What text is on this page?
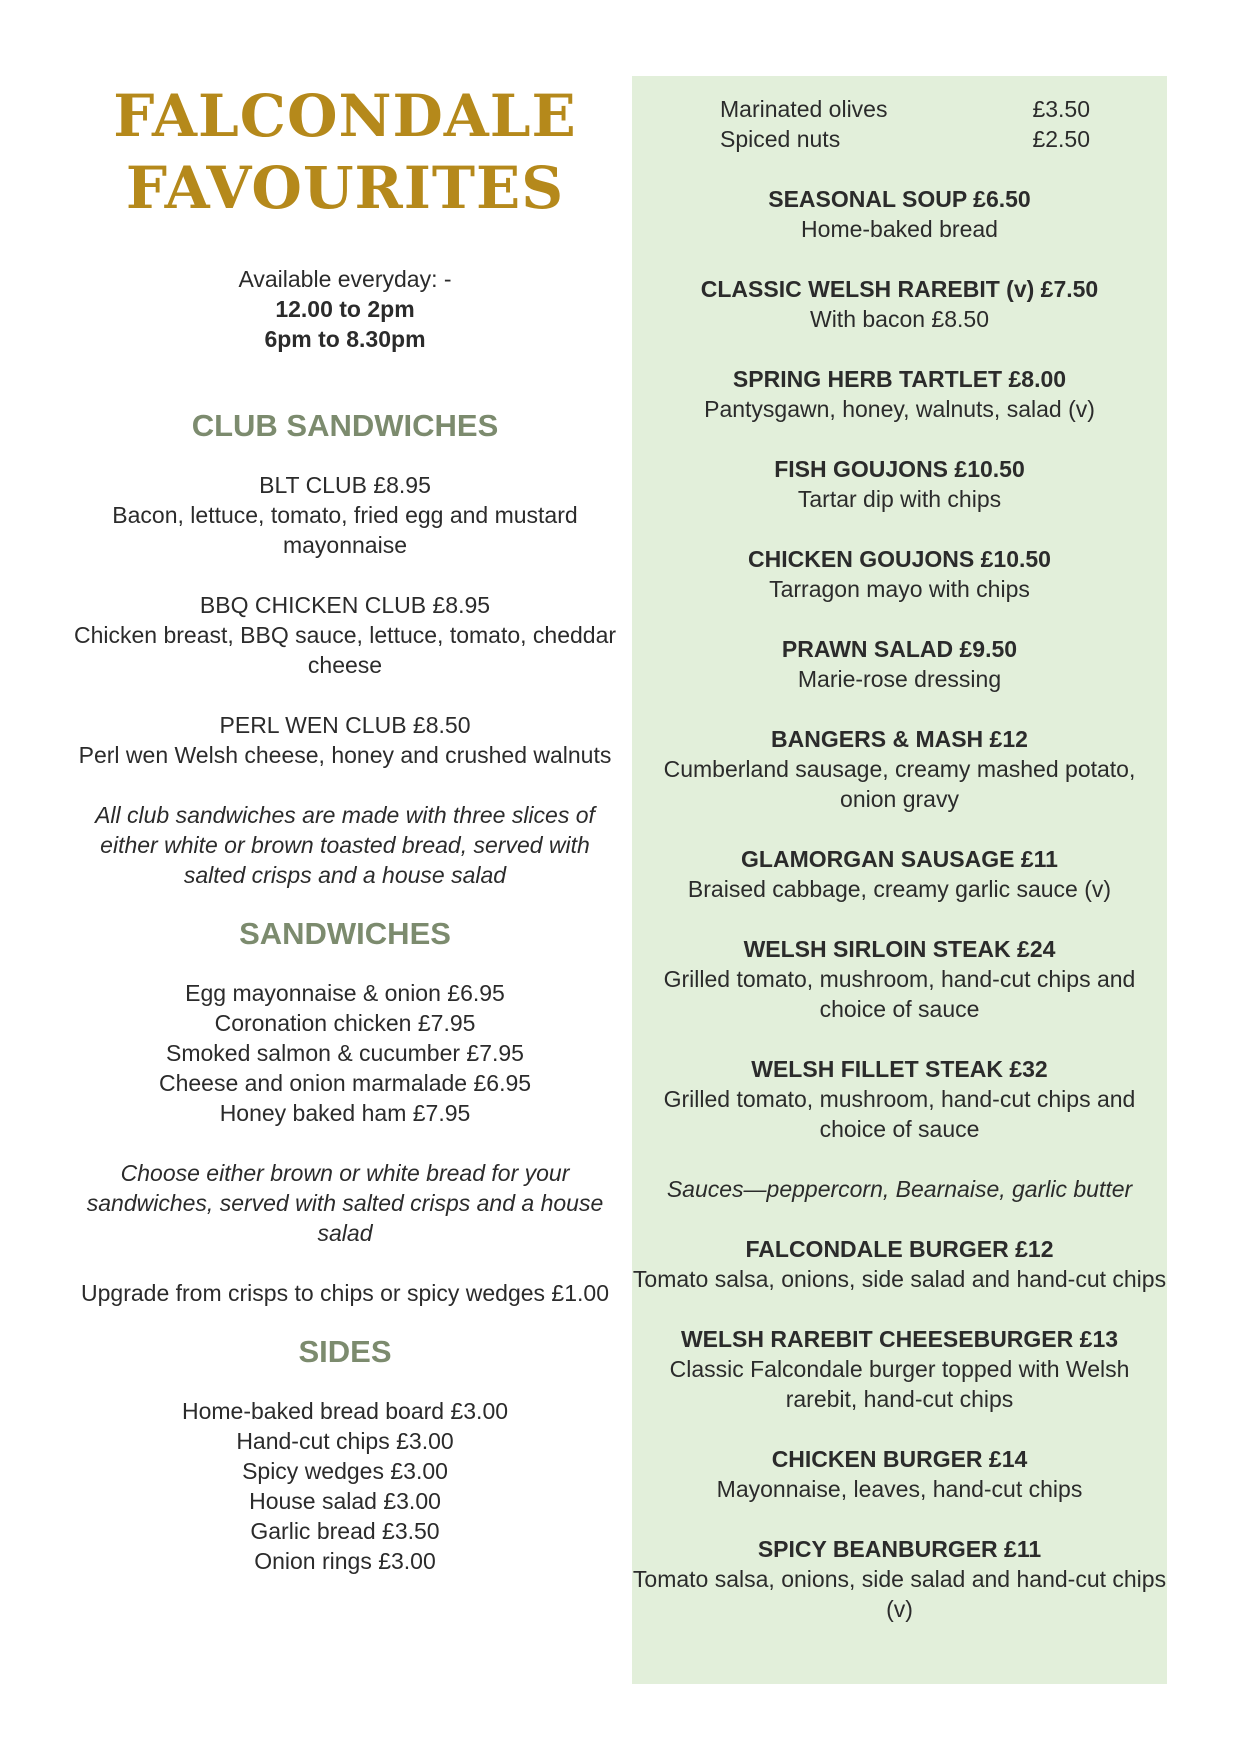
FALCONDALE
FAVOURITES
Available everyday: -
12.00 to 2pm
6pm to 8.30pm
CLUB SANDWICHES
BLT CLUB £8.95
Bacon, lettuce, tomato, fried egg and mustard mayonnaise
BBQ CHICKEN CLUB £8.95
Chicken breast, BBQ sauce, lettuce, tomato, cheddar cheese
PERL WEN CLUB £8.50
Perl wen Welsh cheese, honey and crushed walnuts
All club sandwiches are made with three slices of either white or brown toasted bread, served with salted crisps and a house salad
SANDWICHES
Egg mayonnaise & onion £6.95
Coronation chicken £7.95
Smoked salmon & cucumber £7.95
Cheese and onion marmalade £6.95
Honey baked ham £7.95
Choose either brown or white bread for your sandwiches, served with salted crisps and a house salad
Upgrade from crisps to chips or spicy wedges £1.00
SIDES
Home-baked bread board £3.00
Hand-cut chips £3.00
Spicy wedges £3.00
House salad £3.00
Garlic bread £3.50
Onion rings £3.00
Marinated olives	£3.50
Spiced nuts	£2.50
SEASONAL SOUP £6.50
Home-baked bread
CLASSIC WELSH RAREBIT (v) £7.50
With bacon £8.50
SPRING HERB TARTLET £8.00
Pantysgawn, honey, walnuts, salad (v)
FISH GOUJONS £10.50
Tartar dip with chips
CHICKEN GOUJONS £10.50
Tarragon mayo with chips
PRAWN SALAD £9.50
Marie-rose dressing
BANGERS & MASH £12
Cumberland sausage, creamy mashed potato, onion gravy
GLAMORGAN SAUSAGE £11
Braised cabbage, creamy garlic sauce (v)
WELSH SIRLOIN STEAK £24
Grilled tomato, mushroom, hand-cut chips and choice of sauce
WELSH FILLET STEAK £32
Grilled tomato, mushroom, hand-cut chips and choice of sauce
Sauces—peppercorn, Bearnaise, garlic butter
FALCONDALE BURGER £12
Tomato salsa, onions, side salad and hand-cut chips
WELSH RAREBIT CHEESEBURGER £13
Classic Falcondale burger topped with Welsh rarebit, hand-cut chips
CHICKEN BURGER £14
Mayonnaise, leaves, hand-cut chips
SPICY BEANBURGER £11
Tomato salsa, onions, side salad and hand-cut chips (v)
